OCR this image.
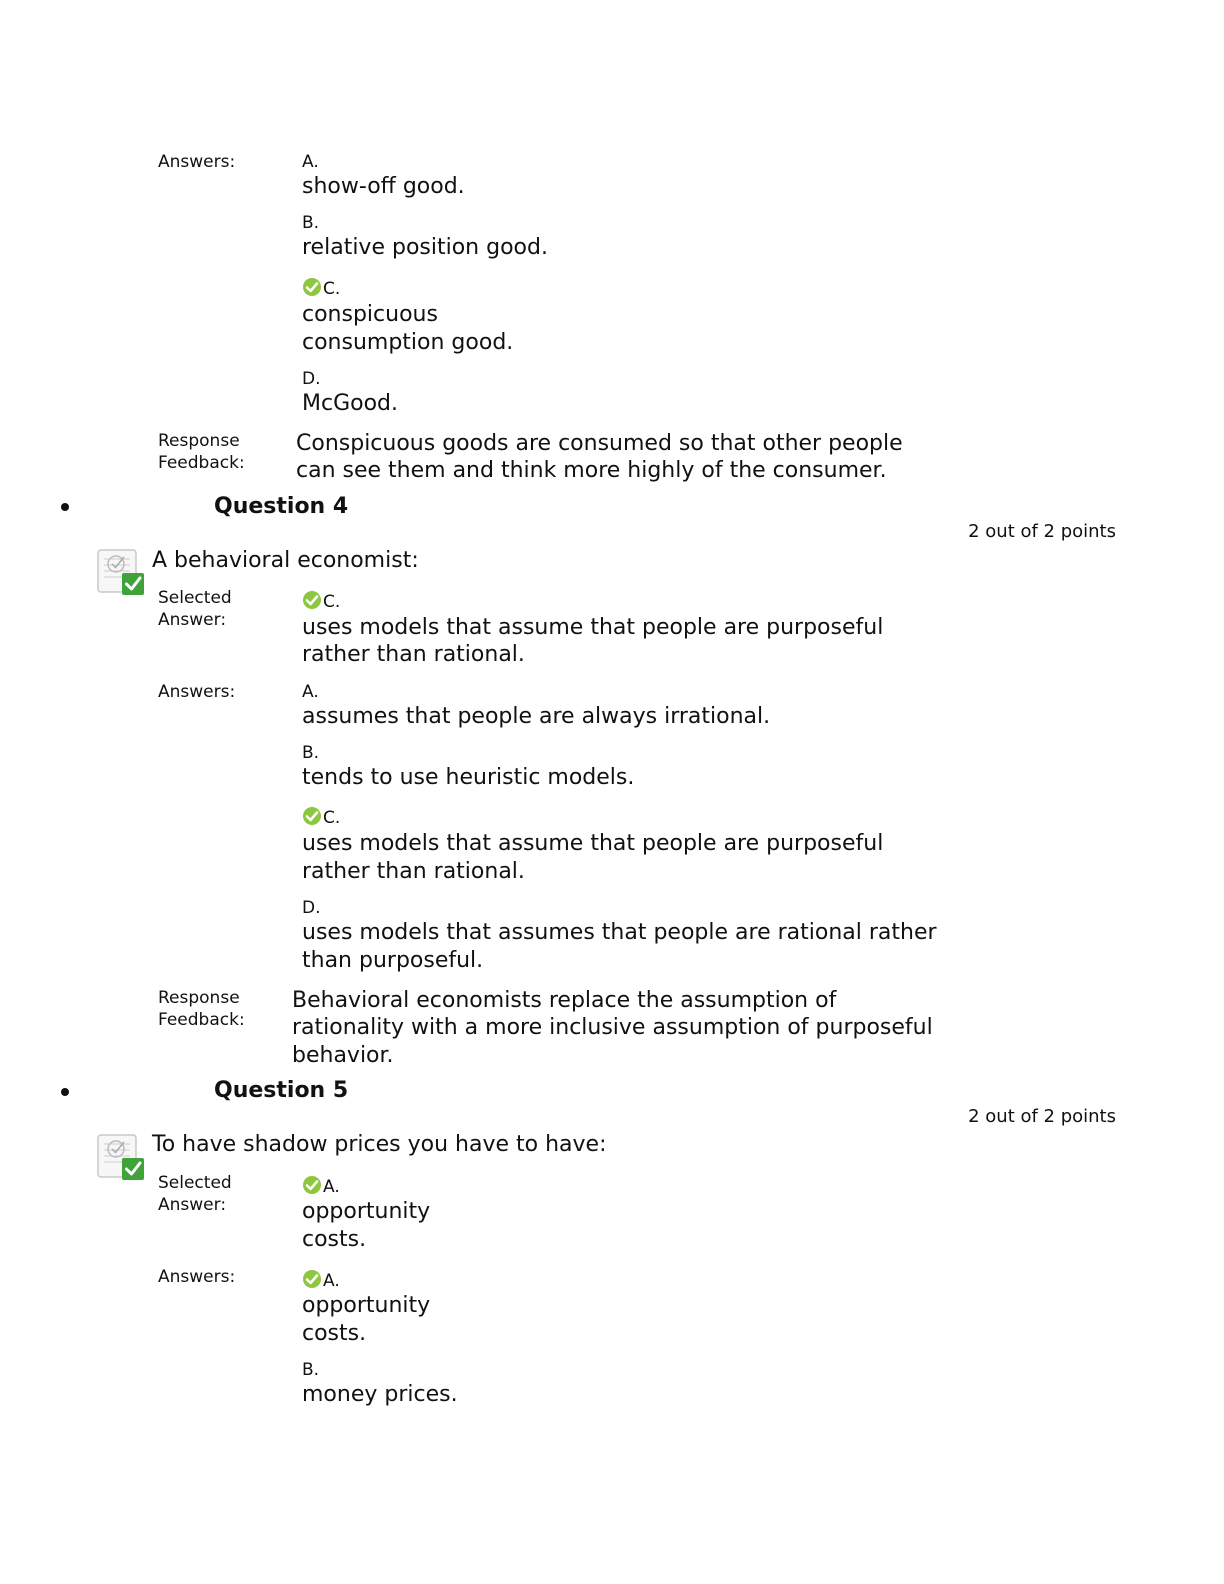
Answers:	A.
show-off good.
B.
relative position good.
C.
conspicuous
consumption good.
D.
McGood.
Response
Feedback:
Conspicuous goods are consumed so that other people
can see them and think more highly of the consumer.
Question 4
2 out of 2 points
A behavioral economist:
Selected
Answer:
C.
uses models that assume that people are purposeful
rather than rational.
Answers:	A.
assumes that people are always irrational.
B.
tends to use heuristic models.
C.
uses models that assume that people are purposeful
rather than rational.
D.
uses models that assumes that people are rational rather
than purposeful.
Response
Feedback:
Behavioral economists replace the assumption of
rationality with a more inclusive assumption of purposeful
behavior.
Question 5
2 out of 2 points
To have shadow prices you have to have:
Selected
Answer:
A.
opportunity
costs.
Answers:	A.
opportunity
costs.
B.
money prices.
